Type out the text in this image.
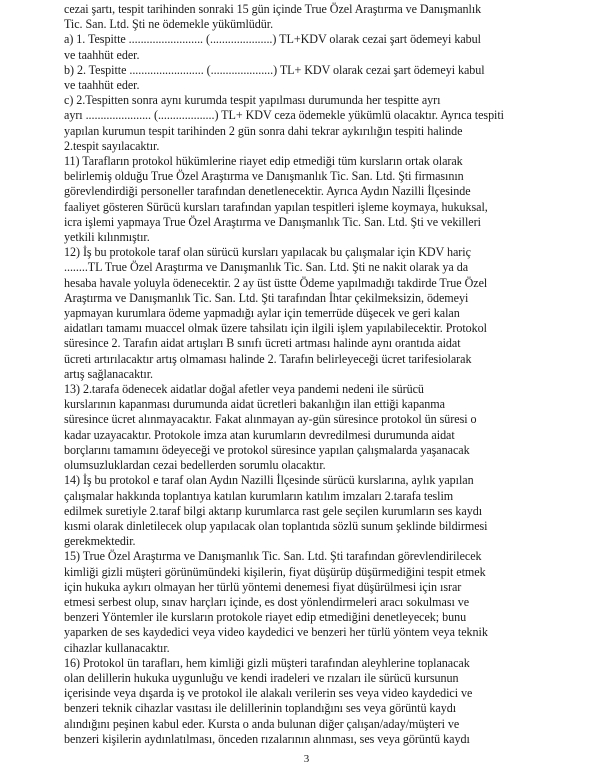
cezai şartı, tespit tarihinden sonraki 15 gün içinde True Özel Araştırma ve Danışmanlık
Tic. San. Ltd. Şti ne ödemekle yükümlüdür.

a) 1. Tespitte ......................... (.....................) TL+KDV olarak cezai şart ödemeyi kabul
ve taahhüt eder.

b) 2. Tespitte ......................... (.....................) TL+ KDV olarak cezai şart ödemeyi kabul
ve taahhüt eder.

c) 2.Tespitten sonra aynı kurumda tespit yapılması durumunda her tespitte ayrı
ayrı ...................... (...................) TL+ KDV ceza ödemekle yükümlü olacaktır. Ayrıca tespiti
yapılan kurumun tespit tarihinden 2 gün sonra dahi tekrar aykırılığın tespiti halinde
2.tespit sayılacaktır.

11) Tarafların protokol hükümlerine riayet edip etmediği tüm kursların ortak olarak
belirlemiş olduğu True Özel Araştırma ve Danışmanlık Tic. San. Ltd. Şti firmasının
görevlendirdiği personeller tarafından denetlenecektir. Ayrıca Aydın Nazilli İlçesinde
faaliyet gösteren Sürücü kursları tarafından yapılan tespitleri işleme koymaya, hukuksal,
icra işlemi yapmaya True Özel Araştırma ve Danışmanlık Tic. San. Ltd. Şti ve vekilleri
yetkili kılınmıştır.

12) İş bu protokole taraf olan sürücü kursları yapılacak bu çalışmalar için KDV hariç
........TL True Özel Araştırma ve Danışmanlık Tic. San. Ltd. Şti ne nakit olarak ya da
hesaba havale yoluyla ödenecektir. 2 ay üst üstte Ödeme yapılmadığı takdirde True Özel
Araştırma ve Danışmanlık Tic. San. Ltd. Şti tarafından İhtar çekilmeksizin, ödemeyi
yapmayan kurumlara ödeme yapmadığı aylar için temerrüde düşecek ve geri kalan
aidatları tamamı muaccel olmak üzere tahsilatı için ilgili işlem yapılabilecektir. Protokol
süresince 2. Tarafın aidat artışları B sınıfı ücreti artması halinde aynı orantıda aidat
ücreti artırılacaktır artış olmaması halinde 2. Tarafın belirleyeceği ücret tarifesiolarak
artış sağlanacaktır.

13) 2.tarafa ödenecek aidatlar doğal afetler veya pandemi nedeni ile sürücü
kurslarının kapanması durumunda aidat ücretleri bakanlığın ilan ettiği kapanma
süresince ücret alınmayacaktır. Fakat alınmayan ay-gün süresince protokol ün süresi o
kadar uzayacaktır. Protokole imza atan kurumların devredilmesi durumunda aidat
borçlarını tamamını ödeyeceği ve protokol süresince yapılan çalışmalarda yaşanacak
olumsuzluklardan cezai bedellerden sorumlu olacaktır.

14) İş bu protokol e taraf olan Aydın Nazilli İlçesinde sürücü kurslarına, aylık yapılan
çalışmalar hakkında toplantıya katılan kurumların katılım imzaları 2.tarafa teslim
edilmek suretiyle 2.taraf bilgi aktarıp kurumlarca rast gele seçilen kurumların ses kaydı
kısmi olarak dinletilecek olup yapılacak olan toplantıda sözlü sunum şeklinde bildirmesi
gerekmektedir.

15) True Özel Araştırma ve Danışmanlık Tic. San. Ltd. Şti tarafından görevlendirilecek
kimliği gizli müşteri görünümündeki kişilerin, fiyat düşürüp düşürmediğini tespit etmek
için hukuka aykırı olmayan her türlü yöntemi denemesi fiyat düşürülmesi için ısrar
etmesi serbest olup, sınav harçları içinde, es dost yönlendirmeleri aracı sokulması ve
benzeri Yöntemler ile kursların protokole riayet edip etmediğini denetleyecek; bunu
yaparken de ses kaydedici veya video kaydedici ve benzeri her türlü yöntem veya teknik
cihazlar kullanacaktır.

16) Protokol ün tarafları, hem kimliği gizli müşteri tarafından aleyhlerine toplanacak
olan delillerin hukuka uygunluğu ve kendi iradeleri ve rızaları ile sürücü kursunun
içerisinde veya dışarda iş ve protokol ile alakalı verilerin ses veya video kaydedici ve
benzeri teknik cihazlar vasıtası ile delillerinin toplandığını ses veya görüntü kaydı
alındığını peşinen kabul eder. Kursta o anda bulunan diğer çalışan/aday/müşteri ve
benzeri kişilerin aydınlatılması, önceden rızalarının alınması, ses veya görüntü kaydı

3
